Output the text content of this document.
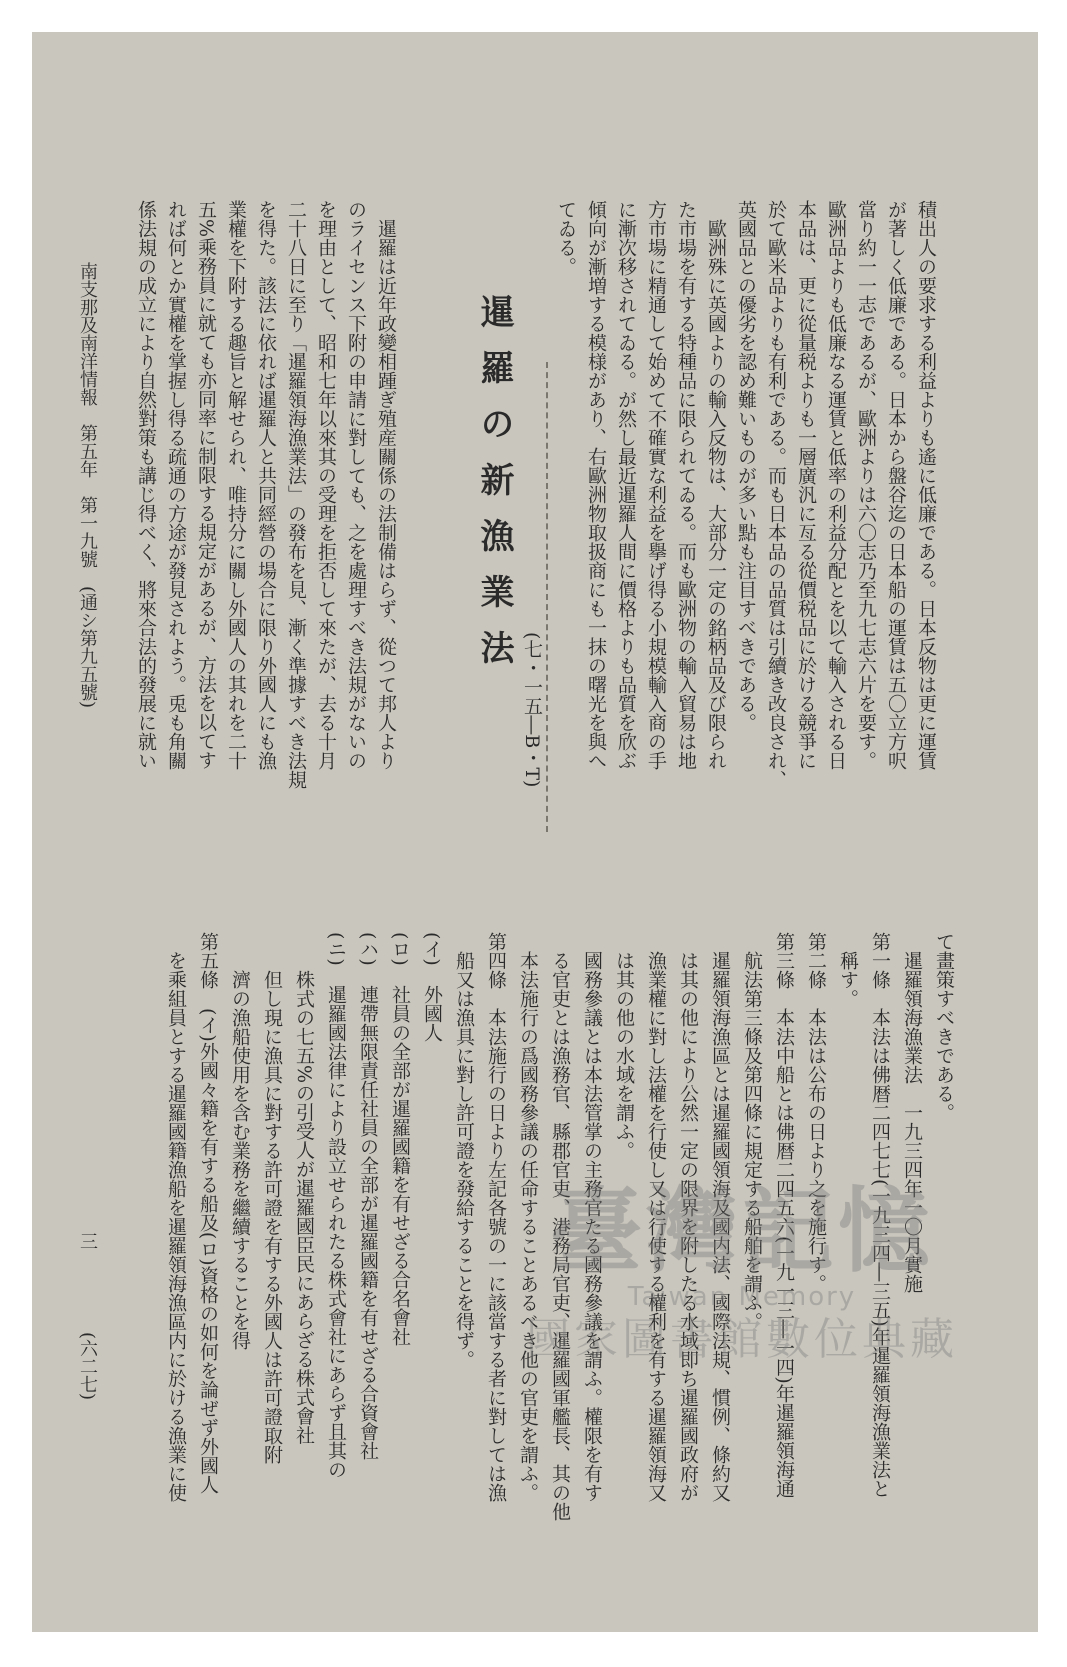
積出人の要求する利益よりも遙に低廉である。日本反物は更に運賃

が著しく低廉である。日本から盤谷迄の日本船の運賃は五〇立方呎

當り約一一志であるが、歐洲よりは六〇志乃至九七志六片を要す。

歐洲品よりも低廉なる運賃と低率の利益分配とを以て輸入される日

本品は、更に從量税よりも一層廣汎に亙る從價税品に於ける競爭に

於て歐米品よりも有利である。而も日本品の品質は引續き改良され、

英國品との優劣を認め難いものが多い點も注目すべきである。

　歐洲殊に英國よりの輸入反物は、大部分一定の銘柄品及び限られ

た市場を有する特種品に限られてゐる。而も歐洲物の輸入貿易は地

方市場に精通して始めて不確實な利益を擧げ得る小規模輸入商の手

に漸次移されてゐる。が然し最近暹羅人間に價格よりも品質を欣ぶ

傾向が漸増する模様があり、右歐洲物取扱商にも一抹の曙光を與へ

てゐる。

(七・一五―B・T)

暹羅の新漁業法

　暹羅は近年政變相踵ぎ殖産關係の法制備はらず、從つて邦人より

のライセンス下附の申請に對しても、之を處理すべき法規がないの

を理由として、昭和七年以來其の受理を拒否して來たが、去る十月

二十八日に至り「暹羅領海漁業法」の發布を見、漸く準據すべき法規

を得た。該法に依れば暹羅人と共同經營の場合に限り外國人にも漁

業權を下附する趣旨と解せられ、唯持分に關し外國人の其れを二十

五%乘務員に就ても亦同率に制限する規定があるが、方法を以てす

れば何とか實權を掌握し得る疏通の方途が發見されよう。兎も角關

係法規の成立により自然對策も講じ得べく、將來合法的發展に就い

て畫策すべきである。

　暹羅領海漁業法　一九三四年一〇月實施

第一條　本法は佛暦二四七七(一九三四―三五)年暹羅領海漁業法と

　稱す。

第二條　本法は公布の日より之を施行す。

第三條　本法中船とは佛暦二四五六(一九一三―一四)年暹羅領海通

　航法第三條及第四條に規定する船舶を謂ふ。

　暹羅領海漁區とは暹羅國領海及國内法、國際法規、慣例、條約又

　は其の他により公然一定の限界を附したる水域即ち暹羅國政府が

　漁業權に對し法權を行使し又は行使する權利を有する暹羅領海又

　は其の他の水域を謂ふ。

　國務參議とは本法管掌の主務官たる國務參議を謂ふ。權限を有す

　る官吏とは漁務官、縣郡官吏、港務局官吏、暹羅國軍艦長、其の他

　本法施行の爲國務參議の任命することあるべき他の官吏を謂ふ。

第四條　本法施行の日より左記各號の一に該當する者に對しては漁

　船又は漁具に對し許可證を發給することを得ず。

(イ)　外國人

(ロ)　社員の全部が暹羅國籍を有せざる合名會社

(ハ)　連帶無限責任社員の全部が暹羅國籍を有せざる合資會社

(ニ)　暹羅國法律により設立せられたる株式會社にあらず且其の

　　株式の七五%の引受人が暹羅國臣民にあらざる株式會社

　　但し現に漁具に對する許可證を有する外國人は許可證取附

　　濟の漁船使用を含む業務を繼續することを得

第五條　(イ)外國々籍を有する船及(ロ)資格の如何を論ぜず外國人

　を乘組員とする暹羅國籍漁船を暹羅領海漁區内に於ける漁業に使

南支那及南洋情報　第五年　第一九號　(通シ第九五號)

三

(六二七)

臺灣記憶
Taiwan Memory
國家圖書館數位典藏
